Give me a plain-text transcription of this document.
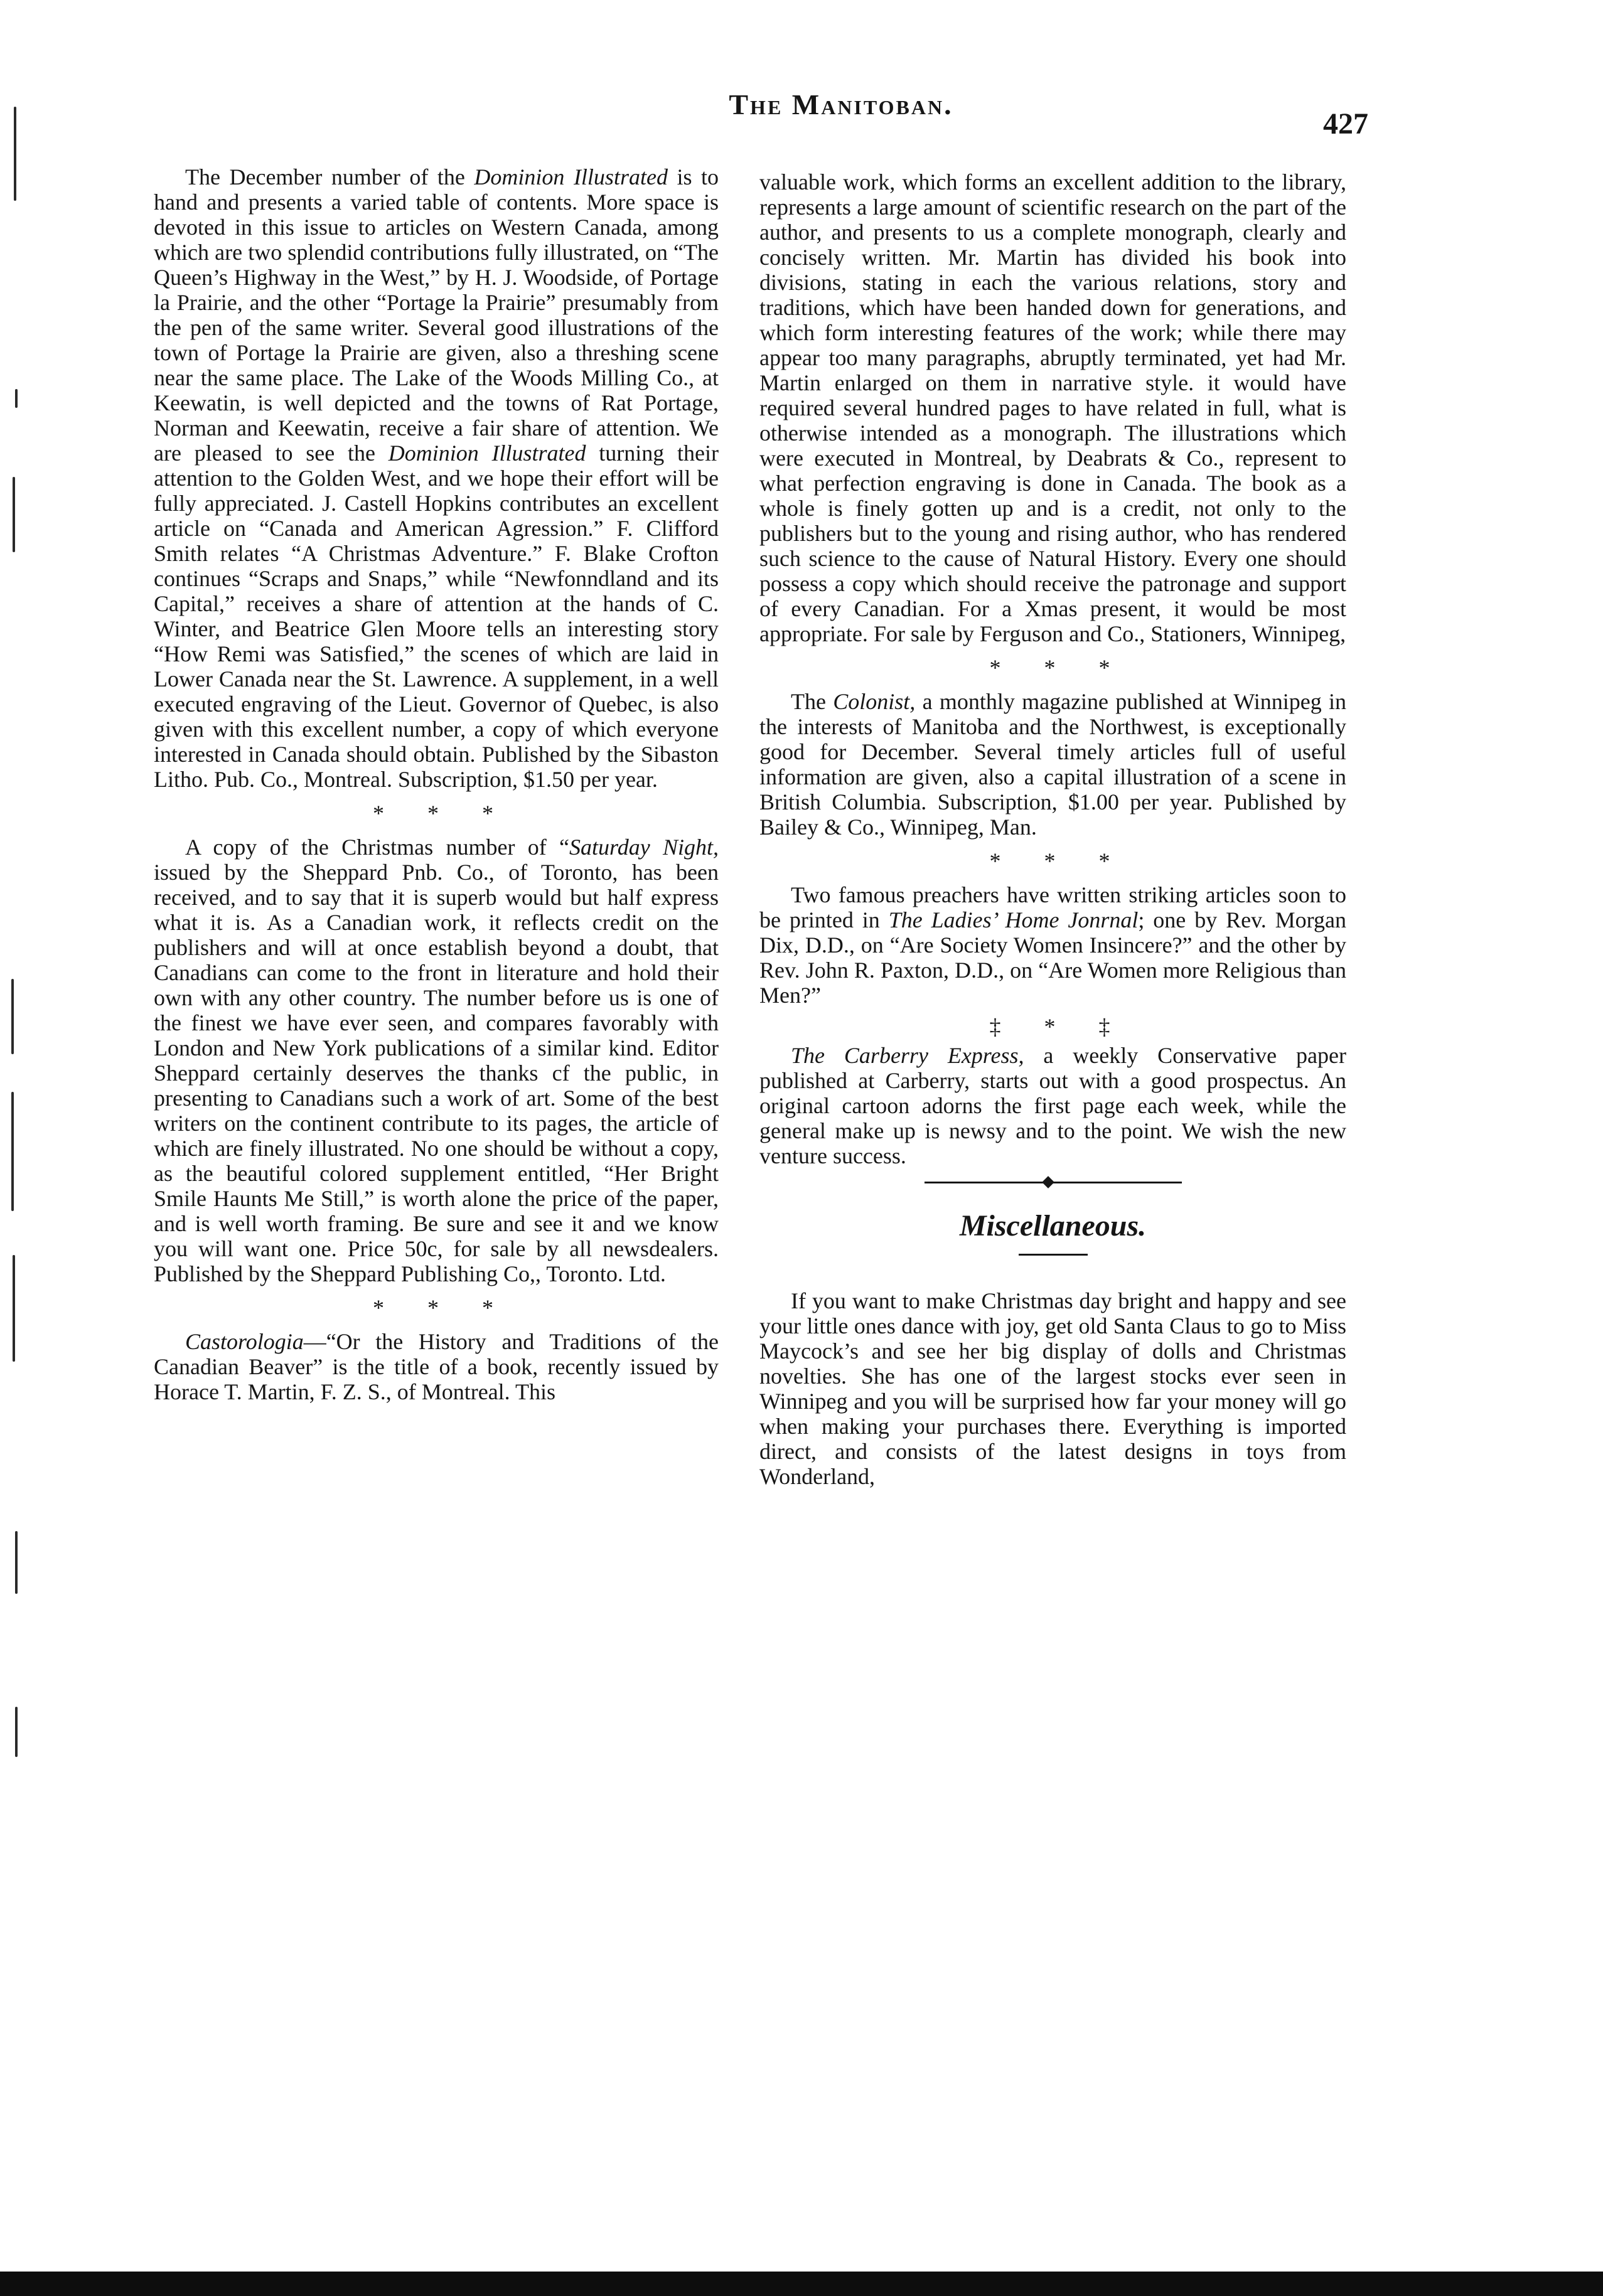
The Manitoban.
427

The December number of the Dominion Illustrated is to hand and presents a varied table of contents. More space is devoted in this issue to articles on Western Canada, among which are two splendid contributions fully illustrated, on “The Queen’s Highway in the West,” by H. J. Woodside, of Portage la Prairie, and the other “Portage la Prairie” presumably from the pen of the same writer. Several good illustrations of the town of Portage la Prairie are given, also a threshing scene near the same place. The Lake of the Woods Milling Co., at Keewatin, is well depicted and the towns of Rat Portage, Norman and Keewatin, receive a fair share of attention. We are pleased to see the Dominion Illustrated turning their attention to the Golden West, and we hope their effort will be fully appreciated. J. Castell Hopkins contributes an excellent article on “Canada and American Agression.” F. Clifford Smith relates “A Christmas Adventure.” F. Blake Crofton continues “Scraps and Snaps,” while “Newfonndland and its Capital,” receives a share of attention at the hands of C. Winter, and Beatrice Glen Moore tells an interesting story “How Remi was Satisfied,” the scenes of which are laid in Lower Canada near the St. Lawrence. A supplement, in a well executed engraving of the Lieut. Governor of Quebec, is also given with this excellent number, a copy of which everyone interested in Canada should obtain. Published by the Sibaston Litho. Pub. Co., Montreal. Subscription, $1.50 per year.

* * *

A copy of the Christmas number of “Saturday Night, issued by the Sheppard Pnb. Co., of Toronto, has been received, and to say that it is superb would but half express what it is. As a Canadian work, it reflects credit on the publishers and will at once establish beyond a doubt, that Canadians can come to the front in literature and hold their own with any other country. The number before us is one of the finest we have ever seen, and compares favorably with London and New York publications of a similar kind. Editor Sheppard certainly deserves the thanks cf the public, in presenting to Canadians such a work of art. Some of the best writers on the continent contribute to its pages, the article of which are finely illustrated. No one should be without a copy, as the beautiful colored supplement entitled, “Her Bright Smile Haunts Me Still,” is worth alone the price of the paper, and is well worth framing. Be sure and see it and we know you will want one. Price 50c, for sale by all newsdealers. Published by the Sheppard Publishing Co,, Toronto. Ltd.

* * *

Castorologia—“Or the History and Traditions of the Canadian Beaver” is the title of a book, recently issued by Horace T. Martin, F. Z. S., of Montreal. This

valuable work, which forms an excellent addition to the library, represents a large amount of scientific research on the part of the author, and presents to us a complete monograph, clearly and concisely written. Mr. Martin has divided his book into divisions, stating in each the various relations, story and traditions, which have been handed down for generations, and which form interesting features of the work; while there may appear too many paragraphs, abruptly terminated, yet had Mr. Martin enlarged on them in narrative style. it would have required several hundred pages to have related in full, what is otherwise intended as a monograph. The illustrations which were executed in Montreal, by Deabrats & Co., represent to what perfection engraving is done in Canada. The book as a whole is finely gotten up and is a credit, not only to the publishers but to the young and rising author, who has rendered such science to the cause of Natural History. Every one should possess a copy which should receive the patronage and support of every Canadian. For a Xmas present, it would be most appropriate. For sale by Ferguson and Co., Stationers, Winnipeg,

* * *

The Colonist, a monthly magazine published at Winnipeg in the interests of Manitoba and the Northwest, is exceptionally good for December. Several timely articles full of useful information are given, also a capital illustration of a scene in British Columbia. Subscription, $1.00 per year. Published by Bailey & Co., Winnipeg, Man.

* * *

Two famous preachers have written striking articles soon to be printed in The Ladies’ Home Jonrnal; one by Rev. Morgan Dix, D.D., on “Are Society Women Insincere?” and the other by Rev. John R. Paxton, D.D., on “Are Women more Religious than Men?”

‡ * ‡

The Carberry Express, a weekly Conservative paper published at Carberry, starts out with a good prospectus. An original cartoon adorns the first page each week, while the general make up is newsy and to the point. We wish the new venture success.

Miscellaneous.

If you want to make Christmas day bright and happy and see your little ones dance with joy, get old Santa Claus to go to Miss Maycock’s and see her big display of dolls and Christmas novelties. She has one of the largest stocks ever seen in Winnipeg and you will be surprised how far your money will go when making your purchases there. Everything is imported direct, and consists of the latest designs in toys from Wonderland,
